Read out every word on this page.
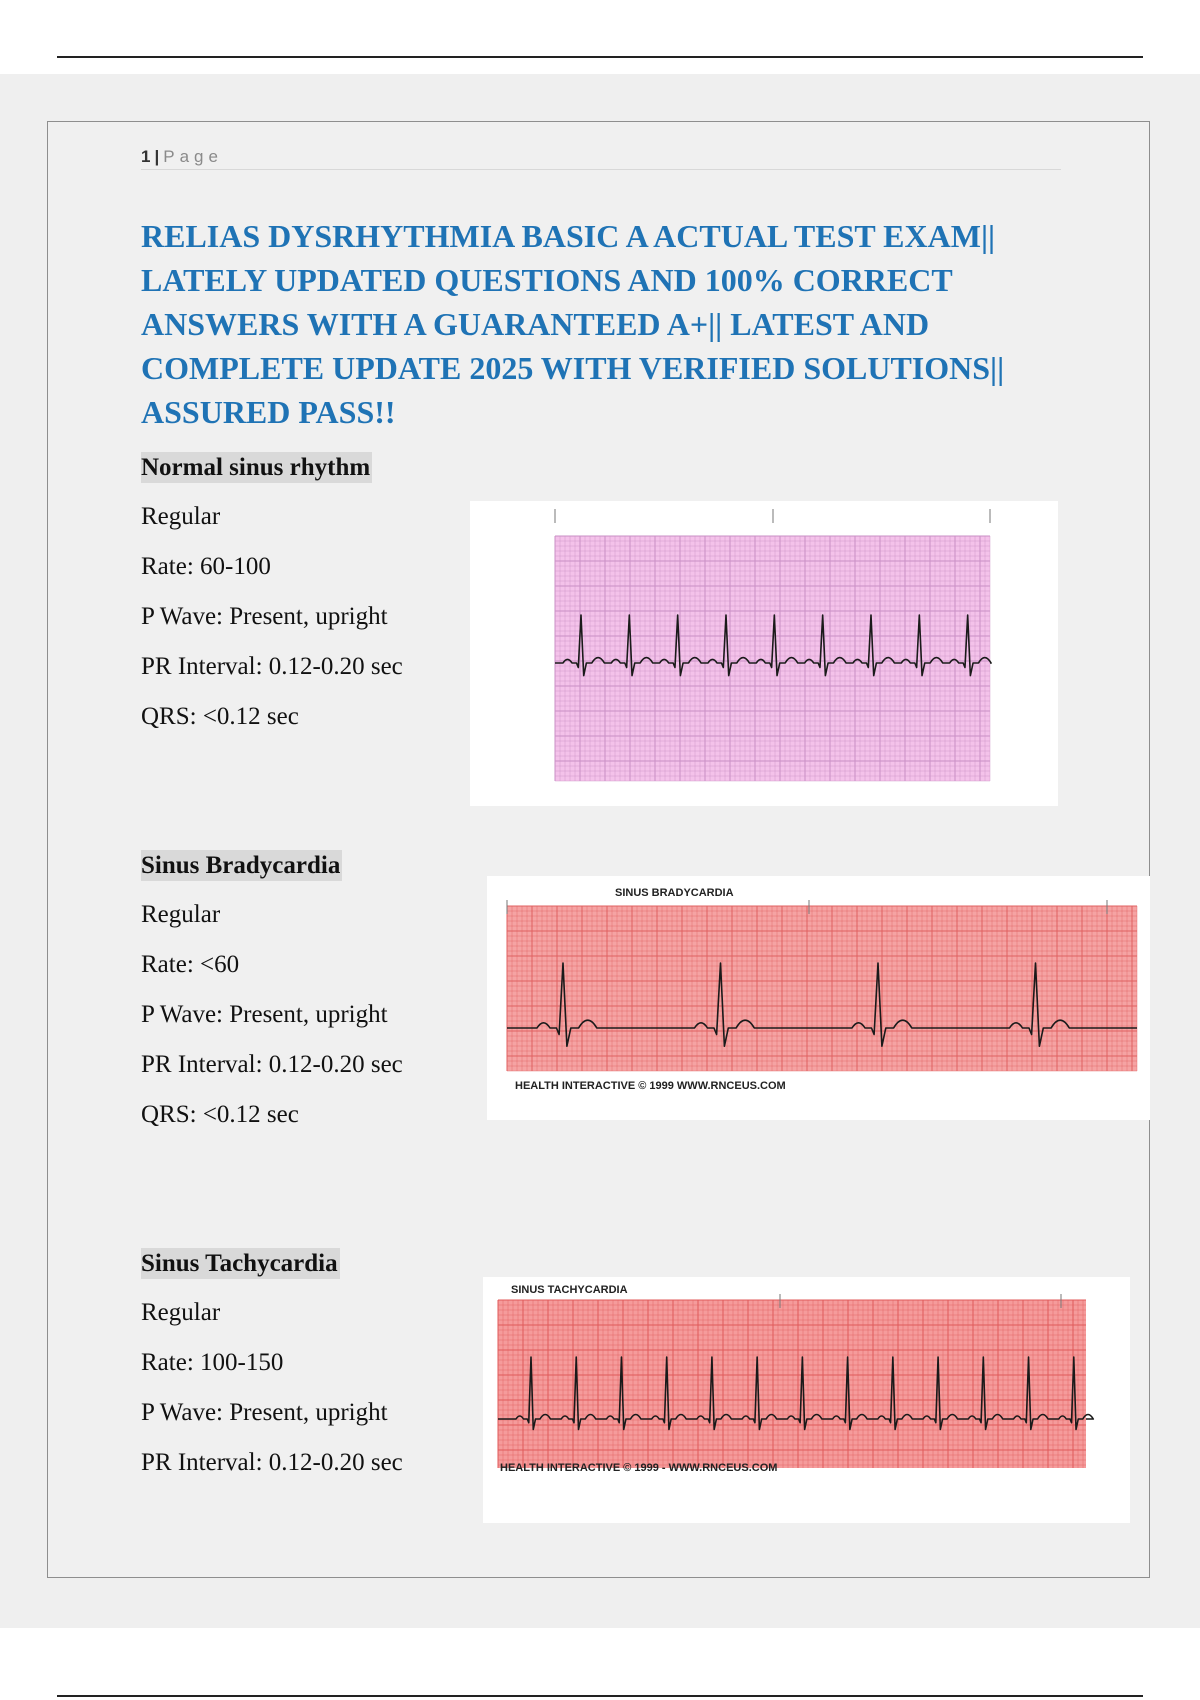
1 | Page
RELIAS DYSRHYTHMIA BASIC A ACTUAL TEST EXAM|| LATELY UPDATED QUESTIONS AND 100% CORRECT ANSWERS WITH A GUARANTEED A+|| LATEST AND COMPLETE UPDATE 2025 WITH VERIFIED SOLUTIONS|| ASSURED PASS!!
Normal sinus rhythm
Regular
Rate: 60-100
P Wave: Present, upright
PR Interval: 0.12-0.20 sec
QRS: <0.12 sec
Sinus Bradycardia
Regular
Rate: <60
P Wave: Present, upright
PR Interval: 0.12-0.20 sec
QRS: <0.12 sec
SINUS BRADYCARDIA
HEALTH INTERACTIVE © 1999 WWW.RNCEUS.COM
Sinus Tachycardia
Regular
Rate: 100-150
P Wave: Present, upright
PR Interval: 0.12-0.20 sec
SINUS TACHYCARDIA
HEALTH INTERACTIVE © 1999 - WWW.RNCEUS.COM
